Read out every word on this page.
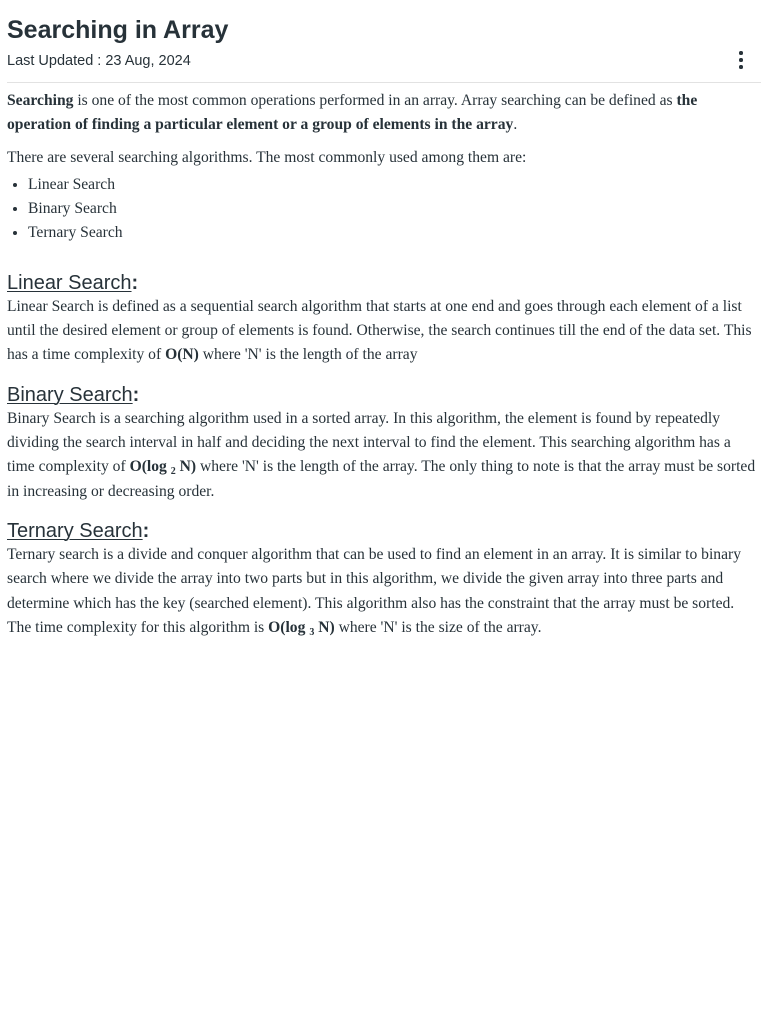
Searching in Array
Last Updated : 23 Aug, 2024

Searching is one of the most common operations performed in an array. Array searching can be defined as the operation of finding a particular element or a group of elements in the array.

There are several searching algorithms. The most commonly used among them are:

• Linear Search
• Binary Search
• Ternary Search
Linear Search:

Linear Search is defined as a sequential search algorithm that starts at one end and goes through each element of a list until the desired element or group of elements is found. Otherwise, the search continues till the end of the data set. This has a time complexity of O(N) where 'N' is the length of the array

Binary Search:

Binary Search is a searching algorithm used in a sorted array. In this algorithm, the element is found by repeatedly dividing the search interval in half and deciding the next interval to find the element. This searching algorithm has a time complexity of O(log $_2$ N) where 'N' is the length of the array. The only thing to note is that the array must be sorted in increasing or decreasing order.

Ternary Search:

Ternary search is a divide and conquer algorithm that can be used to find an element in an array. It is similar to binary search where we divide the array into two parts but in this algorithm, we divide the given array into three parts and determine which has the key (searched element). This algorithm also has the constraint that the array must be sorted. The time complexity for this algorithm is O(log $_3$ N) where 'N' is the size of the array.
